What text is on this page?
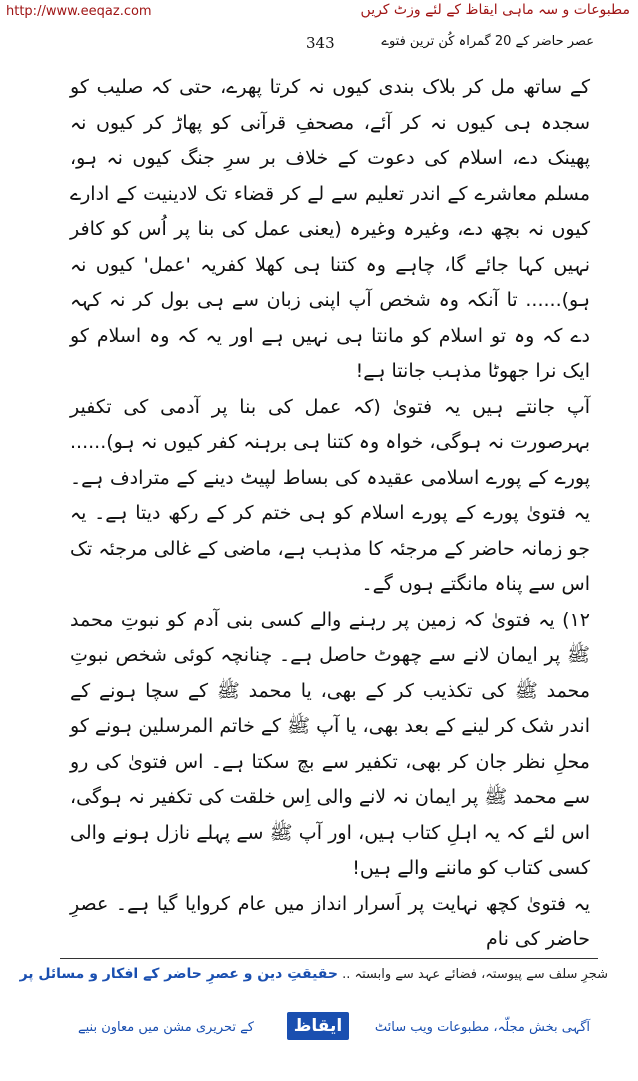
http://www.eeqaz.com	مطبوعات و سہ ماہی ایقاظ کے لئے وزٹ کریں
343	عصر حاضر کے 20 گمراہ کُن ترین فتوے

کے ساتھ مل کر بلاک بندی کیوں نہ کرتا پھرے، حتی کہ صلیب کو سجدہ ہی کیوں نہ کر آئے، مصحفِ قرآنی کو پھاڑ کر کیوں نہ پھینک دے، اسلام کی دعوت کے خلاف بر سرِ جنگ کیوں نہ ہو، مسلم معاشرے کے اندر تعلیم سے لے کر قضاء تک لادینیت کے ادارے کیوں نہ بچھ دے، وغیرہ وغیرہ (یعنی عمل کی بنا پر اُس کو کافر نہیں کہا جائے گا، چاہے وہ کتنا ہی کھلا کفریہ 'عمل' کیوں نہ ہو)...... تا آنکہ وہ شخص آپ اپنی زبان سے ہی بول کر نہ کہہ دے کہ وہ تو اسلام کو مانتا ہی نہیں ہے اور یہ کہ وہ اسلام کو ایک نرا جھوٹا مذہب جانتا ہے!

آپ جانتے ہیں یہ فتویٰ (کہ عمل کی بنا پر آدمی کی تکفیر بہرصورت نہ ہوگی، خواہ وہ کتنا ہی برہنہ کفر کیوں نہ ہو)...... پورے کے پورے اسلامی عقیدہ کی بساط لپیٹ دینے کے مترادف ہے۔ یہ فتویٰ پورے کے پورے اسلام کو ہی ختم کر کے رکھ دیتا ہے۔ یہ جو زمانہ حاضر کے مرجئہ کا مذہب ہے، ماضی کے غالی مرجئہ تک اس سے پناہ مانگتے ہوں گے۔

۱۲) یہ فتویٰ کہ زمین پر رہنے والے کسی بنی آدم کو نبوتِ محمد ﷺ پر ایمان لانے سے چھوٹ حاصل ہے۔ چنانچہ کوئی شخص نبوتِ محمد ﷺ کی تکذیب کر کے بھی، یا محمد ﷺ کے سچا ہونے کے اندر شک کر لینے کے بعد بھی، یا آپ ﷺ کے خاتم المرسلین ہونے کو محلِ نظر جان کر بھی، تکفیر سے بچ سکتا ہے۔ اس فتویٰ کی رو سے محمد ﷺ پر ایمان نہ لانے والی اِس خلقت کی تکفیر نہ ہوگی، اس لئے کہ یہ اہلِ کتاب ہیں، اور آپ ﷺ سے پہلے نازل ہونے والی کسی کتاب کو ماننے والے ہیں!

یہ فتویٰ کچھ نہایت پر اَسرار انداز میں عام کروایا گیا ہے۔ عصرِ حاضر کی نام

شجرِ سلف سے پیوستہ، فضائے عہد سے وابستہ .. حقیقتِ دین و عصرِ حاضر کے افکار و مسائل پر
آگہی بخش مجلّہ، مطبوعات ویب سائٹ
ایقاظ
کے تحریری مشن میں معاون بنیے
